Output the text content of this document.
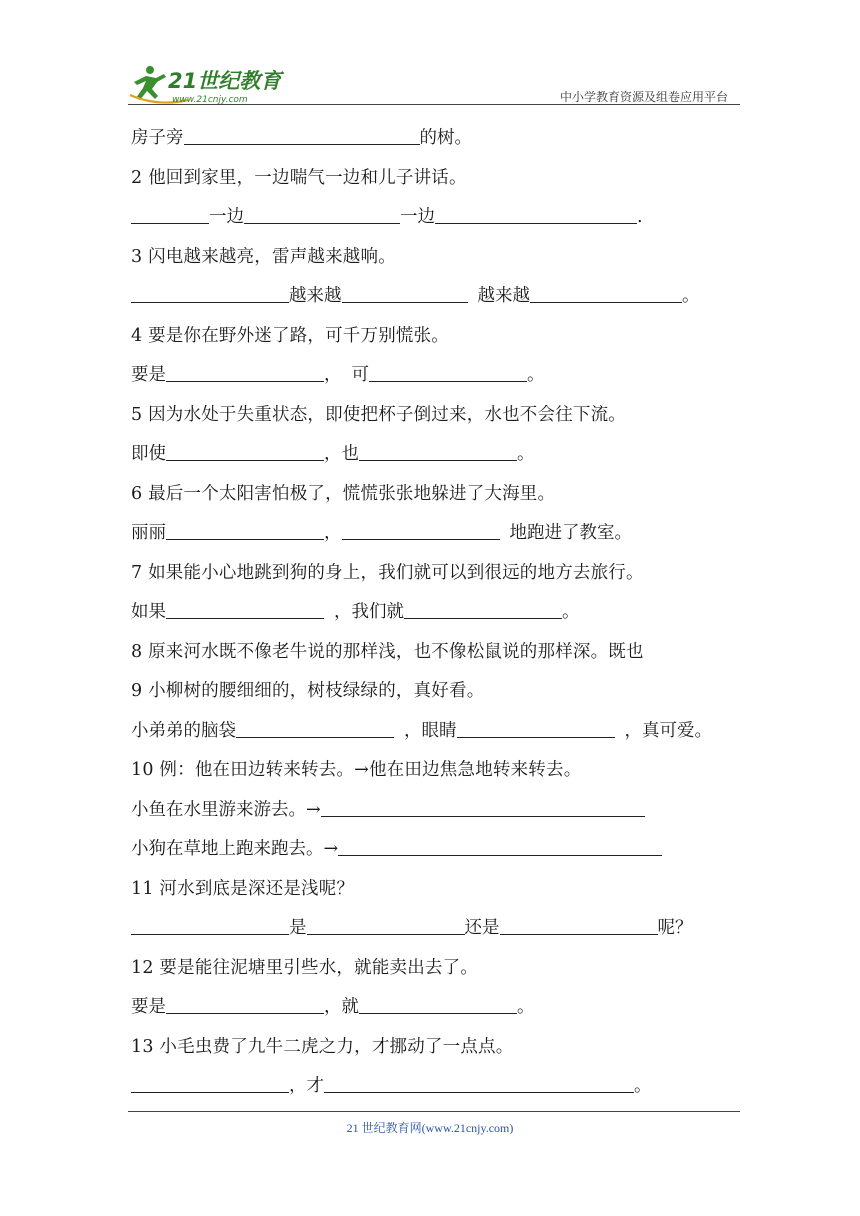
21世纪教育
www.21cnjy.com	中小学教育资源及组卷应用平台
房子旁	的树。
2 他回到家里，一边喘气一边和儿子讲话。
一边	一边	.
3 闪电越来越亮，雷声越来越响。
越来越	越来越	。
4 要是你在野外迷了路，可千万别慌张。
要是	， 可	。
5 因为水处于失重状态，即使把杯子倒过来，水也不会往下流。
即使	，也	。
6 最后一个太阳害怕极了，慌慌张张地躲进了大海里。
丽丽	，	地跑进了教室。
7 如果能小心地跳到狗的身上，我们就可以到很远的地方去旅行。
如果	，我们就	。
8 原来河水既不像老牛说的那样浅，也不像松鼠说的那样深。既也
9 小柳树的腰细细的，树枝绿绿的，真好看。
小弟弟的脑袋	，眼睛	，真可爱。
10 例：他在田边转来转去。→他在田边焦急地转来转去。
小鱼在水里游来游去。→
小狗在草地上跑来跑去。→
11 河水到底是深还是浅呢？
是	还是	呢？
12 要是能往泥塘里引些水，就能卖出去了。
要是	，就	。
13 小毛虫费了九牛二虎之力，才挪动了一点点。
，才	。
21 世纪教育网(www.21cnjy.com)
